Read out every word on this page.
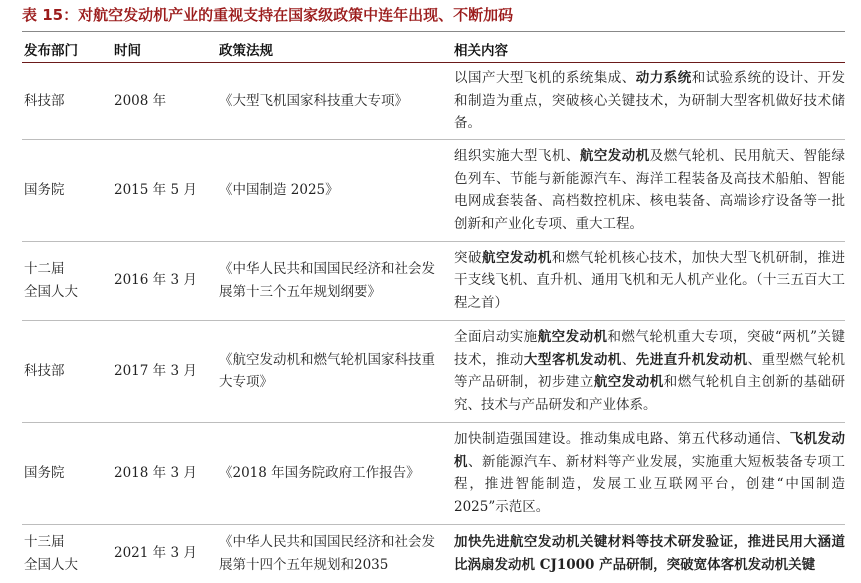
表 15：对航空发动机产业的重视支持在国家级政策中连年出现、不断加码
发布部门	时间	政策法规	相关内容
科技部	2008 年	《大型飞机国家科技重大专项》	以国产大型飞机的系统集成、动力系统和试验系统的设计、开发和制造为重点，突破核心关键技术，为研制大型客机做好技术储备。
国务院	2015 年 5 月	《中国制造 2025》	组织实施大型飞机、航空发动机及燃气轮机、民用航天、智能绿色列车、节能与新能源汽车、海洋工程装备及高技术船舶、智能电网成套装备、高档数控机床、核电装备、高端诊疗设备等一批创新和产业化专项、重大工程。
十二届
全国人大	2016 年 3 月	《中华人民共和国国民经济和社会发展第十三个五年规划纲要》	突破航空发动机和燃气轮机核心技术，加快大型飞机研制，推进干支线飞机、直升机、通用飞机和无人机产业化。（十三五百大工程之首）
科技部	2017 年 3 月	《航空发动机和燃气轮机国家科技重大专项》	全面启动实施航空发动机和燃气轮机重大专项，突破“两机”关键技术，推动大型客机发动机、先进直升机发动机、重型燃气轮机等产品研制，初步建立航空发动机和燃气轮机自主创新的基础研究、技术与产品研发和产业体系。
国务院	2018 年 3 月	《2018 年国务院政府工作报告》	加快制造强国建设。推动集成电路、第五代移动通信、飞机发动机、新能源汽车、新材料等产业发展，实施重大短板装备专项工程，推进智能制造，发展工业互联网平台，创建“中国制造 2025”示范区。
十三届
全国人大	2021 年 3 月	《中华人民共和国国民经济和社会发展第十四个五年规划和2035	加快先进航空发动机关键材料等技术研发验证，推进民用大涵道比涡扇发动机 CJ1000 产品研制，突破宽体客机发动机关键
